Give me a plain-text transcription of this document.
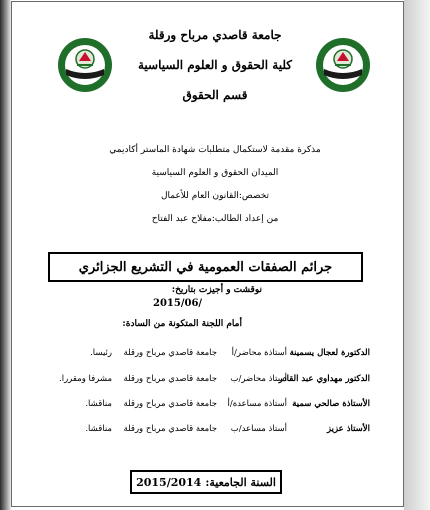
جامعة قاصدي مرباح ورقلة
كلية الحقوق و العلوم السياسية
قسم الحقوق
مذكرة مقدمة لاستكمال متطلبات شهادة الماستر أكاديمي
الميدان الحقوق و العلوم السياسية
تخصص:القانون العام للأعمال
من إعداد الطالب:مفلاح عبد الفتاح
جرائم الصفقات العمومية في التشريع الجزائري
نوقشت و أجيزت بتاريخ:
2015/06/
أمام اللجنة المتكونة من السادة:
الدكتورة لعجال يسمينة
أستاذة محاضر/أ
جامعة قاصدي مرباح ورقلة
رئيسا.
الدكتور مهداوي عبد القادر
أستاذ محاضر/ب
جامعة قاصدي مرباح ورقلة
مشرفا ومقررا.
الأستاذة صالحي سمية
أستاذة مساعدة/أ
جامعة قاصدي مرباح ورقلة
مناقشا.
الأستاذ عزيز
أستاذ مساعد/ب
جامعة قاصدي مرباح ورقلة
مناقشا.
السنة الجامعية:
2015/2014
